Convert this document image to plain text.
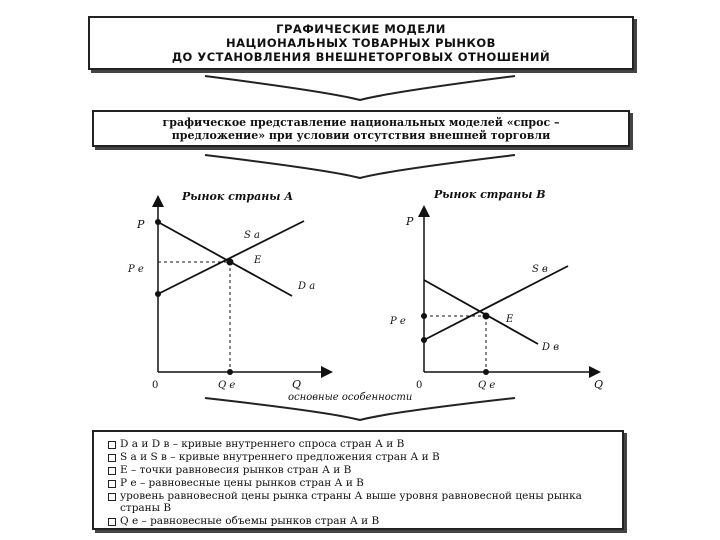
ГРАФИЧЕСКИЕ МОДЕЛИ
НАЦИОНАЛЬНЫХ ТОВАРНЫХ РЫНКОВ
ДО УСТАНОВЛЕНИЯ ВНЕШНЕТОРГОВЫХ ОТНОШЕНИЙ
графическое представление национальных моделей «спрос –
предложение» при условии отсутствия внешней торговли
Рынок страны А
P
0	Q
P e
Q e
S a
D a
E
Рынок страны B
P
0	Q
P e
Q e
S в
D в
E
основные особенности
D a и D в – кривые внутреннего спроса стран А и В
S a и S в – кривые внутреннего предложения стран А и В
E – точки равновесия рынков стран А и В
P e – равновесные цены рынков стран А и В
уровень равновесной цены рынка страны А выше уровня равновесной цены рынка страны В
Q e – равновесные объемы рынков стран А и В
